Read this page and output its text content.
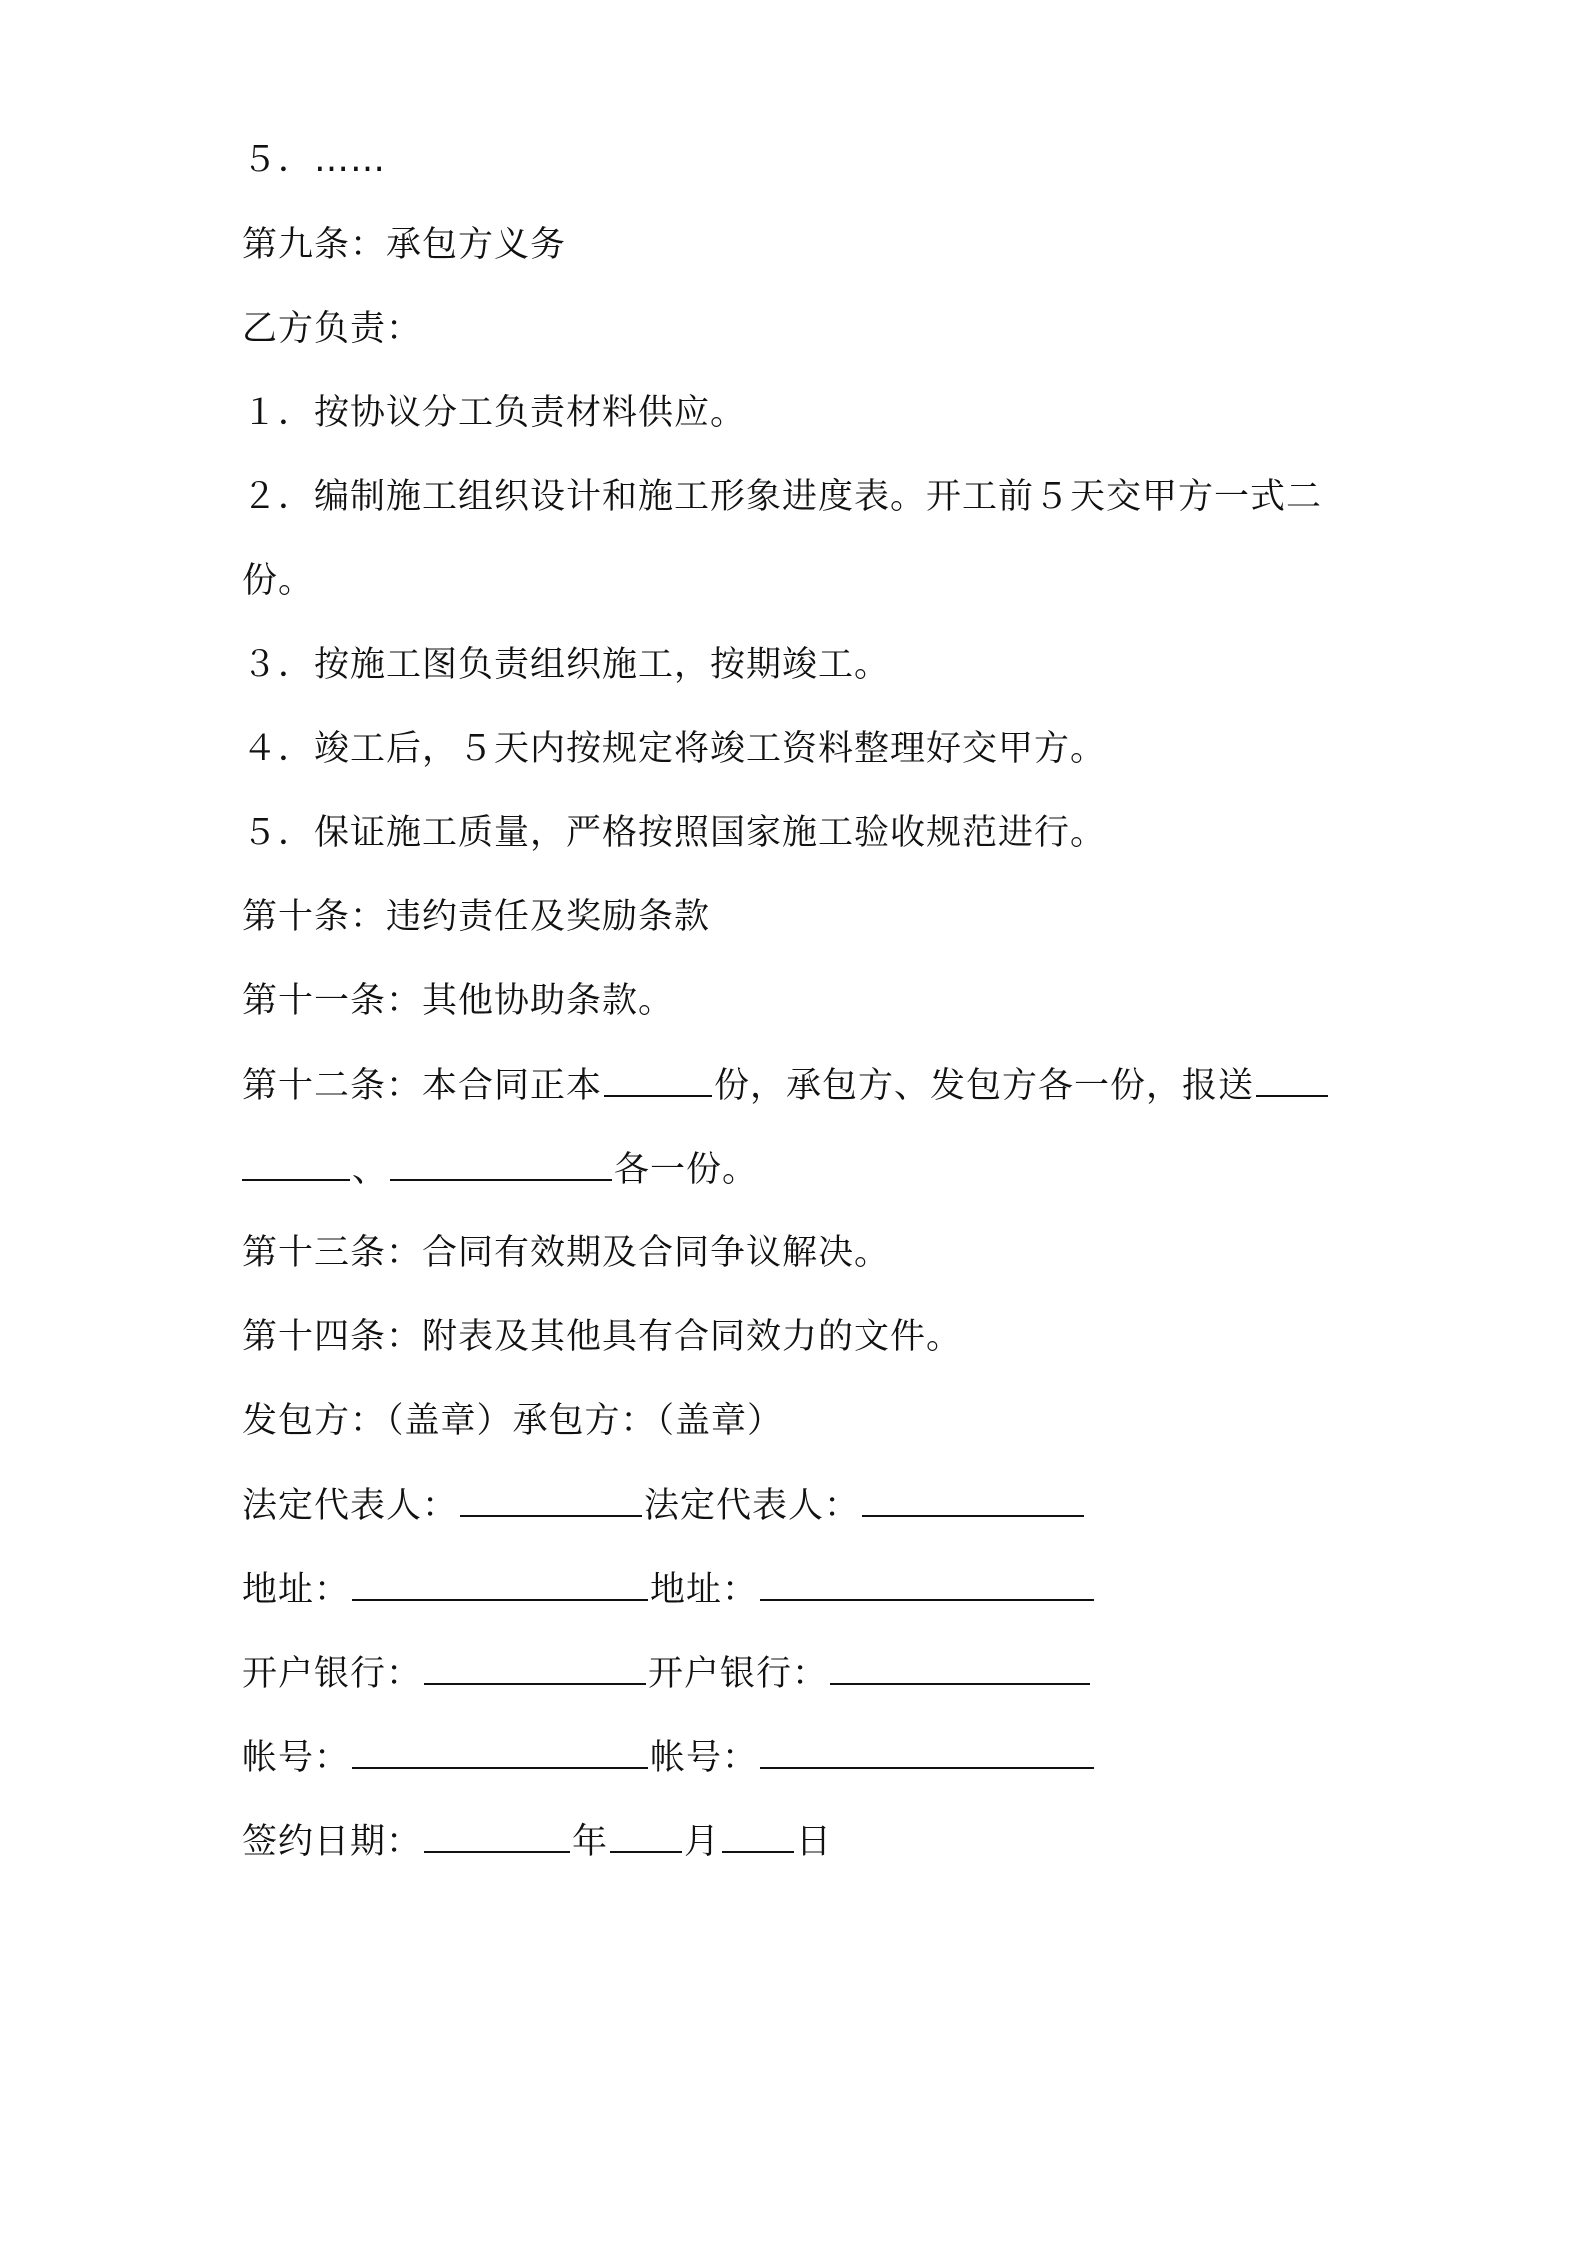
５．……
第九条：承包方义务
乙方负责：
１．按协议分工负责材料供应。
２．编制施工组织设计和施工形象进度表。开工前５天交甲方一式二
份。
３．按施工图负责组织施工，按期竣工。
４．竣工后，５天内按规定将竣工资料整理好交甲方。
５．保证施工质量，严格按照国家施工验收规范进行。
第十条：违约责任及奖励条款
第十一条：其他协助条款。
第十二条：本合同正本	份，承包方、发包方各一份，报送
、	各一份。
第十三条：合同有效期及合同争议解决。
第十四条：附表及其他具有合同效力的文件。
发包方：（盖章）承包方：（盖章）
法定代表人：	法定代表人：
地址：	地址：
开户银行：	开户银行：
帐号：	帐号：
签约日期：	年 月 日
